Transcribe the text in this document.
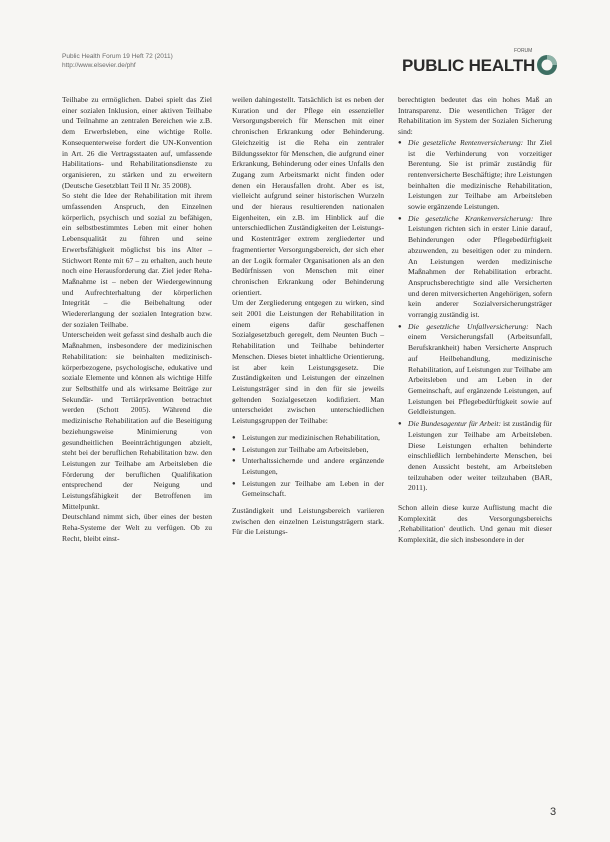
Public Health Forum 19 Heft 72 (2011)
http://www.elsevier.de/phf
FORUM
PUBLIC HEALTH

Teilhabe zu ermöglichen. Dabei spielt das Ziel einer sozialen Inklusion, einer aktiven Teilhabe und Teilnahme an zentralen Bereichen wie z.B. dem Erwerbsleben, eine wichtige Rolle. Konsequenterweise fordert die UN-Konvention in Art. 26 die Vertragsstaaten auf, umfassende Habilitations- und Rehabilitationsdienste zu organisieren, zu stärken und zu erweitern (Deutsche Gesetzblatt Teil II Nr. 35 2008).

So steht die Idee der Rehabilitation mit ihrem umfassenden Anspruch, den Einzelnen körperlich, psychisch und sozial zu befähigen, ein selbstbestimmtes Leben mit einer hohen Lebensqualität zu führen und seine Erwerbsfähigkeit möglichst bis ins Alter – Stichwort Rente mit 67 – zu erhalten, auch heute noch eine Herausforderung dar. Ziel jeder Reha-Maßnahme ist – neben der Wiedergewinnung und Aufrechterhaltung der körperlichen Integrität – die Beibehaltung oder Wiedererlangung der sozialen Integration bzw. der sozialen Teilhabe.

Unterscheiden weit gefasst sind deshalb auch die Maßnahmen, insbesondere der medizinischen Rehabilitation: sie beinhalten medizinisch-körperbezogene, psychologische, edukative und soziale Elemente und können als wichtige Hilfe zur Selbsthilfe und als wirksame Beiträge zur Sekundär- und Tertiärprävention betrachtet werden (Schott 2005). Während die medizinische Rehabilitation auf die Beseitigung beziehungsweise Minimierung von gesundheitlichen Beeinträchtigungen abzielt, steht bei der beruflichen Rehabilitation bzw. den Leistungen zur Teilhabe am Arbeitsleben die Förderung der beruflichen Qualifikation entsprechend der Neigung und Leistungsfähigkeit der Betroffenen im Mittelpunkt.

Deutschland nimmt sich, über eines der besten Reha-Systeme der Welt zu verfügen. Ob zu Recht, bleibt einst-

weilen dahingestellt. Tatsächlich ist es neben der Kuration und der Pflege ein essenzieller Versorgungsbereich für Menschen mit einer chronischen Erkrankung oder Behinderung. Gleichzeitig ist die Reha ein zentraler Bildungssektor für Menschen, die aufgrund einer Erkrankung, Behinderung oder eines Unfalls den Zugang zum Arbeitsmarkt nicht finden oder denen ein Herausfallen droht. Aber es ist, vielleicht aufgrund seiner historischen Wurzeln und der hieraus resultierenden nationalen Eigenheiten, ein z.B. im Hinblick auf die unterschiedlichen Zuständigkeiten der Leistungs- und Kostenträger extrem zergliederter und fragmentierter Versorgungsbereich, der sich eher an der Logik formaler Organisationen als an den Bedürfnissen von Menschen mit einer chronischen Erkrankung oder Behinderung orientiert.

Um der Zergliederung entgegen zu wirken, sind seit 2001 die Leistungen der Rehabilitation in einem eigens dafür geschaffenen Sozialgesetzbuch geregelt, dem Neunten Buch – Rehabilitation und Teilhabe behinderter Menschen. Dieses bietet inhaltliche Orientierung, ist aber kein Leistungsgesetz. Die Zuständigkeiten und Leistungen der einzelnen Leistungsträger sind in den für sie jeweils geltenden Sozialgesetzen kodifiziert. Man unterscheidet zwischen unterschiedlichen Leistungsgruppen der Teilhabe:

● Leistungen zur medizinischen Rehabilitation,
● Leistungen zur Teilhabe am Arbeitsleben,
● Unterhaltssichernde und andere ergänzende Leistungen,
● Leistungen zur Teilhabe am Leben in der Gemeinschaft.

Zuständigkeit und Leistungsbereich variieren zwischen den einzelnen Leistungsträgern stark. Für die Leistungs-

berechtigten bedeutet das ein hohes Maß an Intransparenz. Die wesentlichen Träger der Rehabilitation im System der Sozialen Sicherung sind:

● Die gesetzliche Rentenversicherung: Ihr Ziel ist die Verhinderung von vorzeitiger Berentung. Sie ist primär zuständig für rentenversicherte Beschäftigte; ihre Leistungen beinhalten die medizinische Rehabilitation, Leistungen zur Teilhabe am Arbeitsleben sowie ergänzende Leistungen.
● Die gesetzliche Krankenversicherung: Ihre Leistungen richten sich in erster Linie darauf, Behinderungen oder Pflegebedürftigkeit abzuwenden, zu beseitigen oder zu mindern. An Leistungen werden medizinische Maßnahmen der Rehabilitation erbracht. Anspruchsberechtigte sind alle Versicherten und deren mitversicherten Angehörigen, sofern kein anderer Sozialversicherungsträger vorrangig zuständig ist.
● Die gesetzliche Unfallversicherung: Nach einem Versicherungsfall (Arbeitsunfall, Berufskrankheit) haben Versicherte Anspruch auf Heilbehandlung, medizinische Rehabilitation, auf Leistungen zur Teilhabe am Arbeitsleben und am Leben in der Gemeinschaft, auf ergänzende Leistungen, auf Leistungen bei Pflegebedürftigkeit sowie auf Geldleistungen.
● Die Bundesagentur für Arbeit: ist zuständig für Leistungen zur Teilhabe am Arbeitsleben. Diese Leistungen erhalten behinderte einschließlich lernbehinderte Menschen, bei denen Aussicht besteht, am Arbeitsleben teilzuhaben oder weiter teilzuhaben (BAR, 2011).

Schon allein diese kurze Auflistung macht die Komplexität des Versorgungsbereichs ‚Rehabilitation' deutlich. Und genau mit dieser Komplexität, die sich insbesondere in der

3
